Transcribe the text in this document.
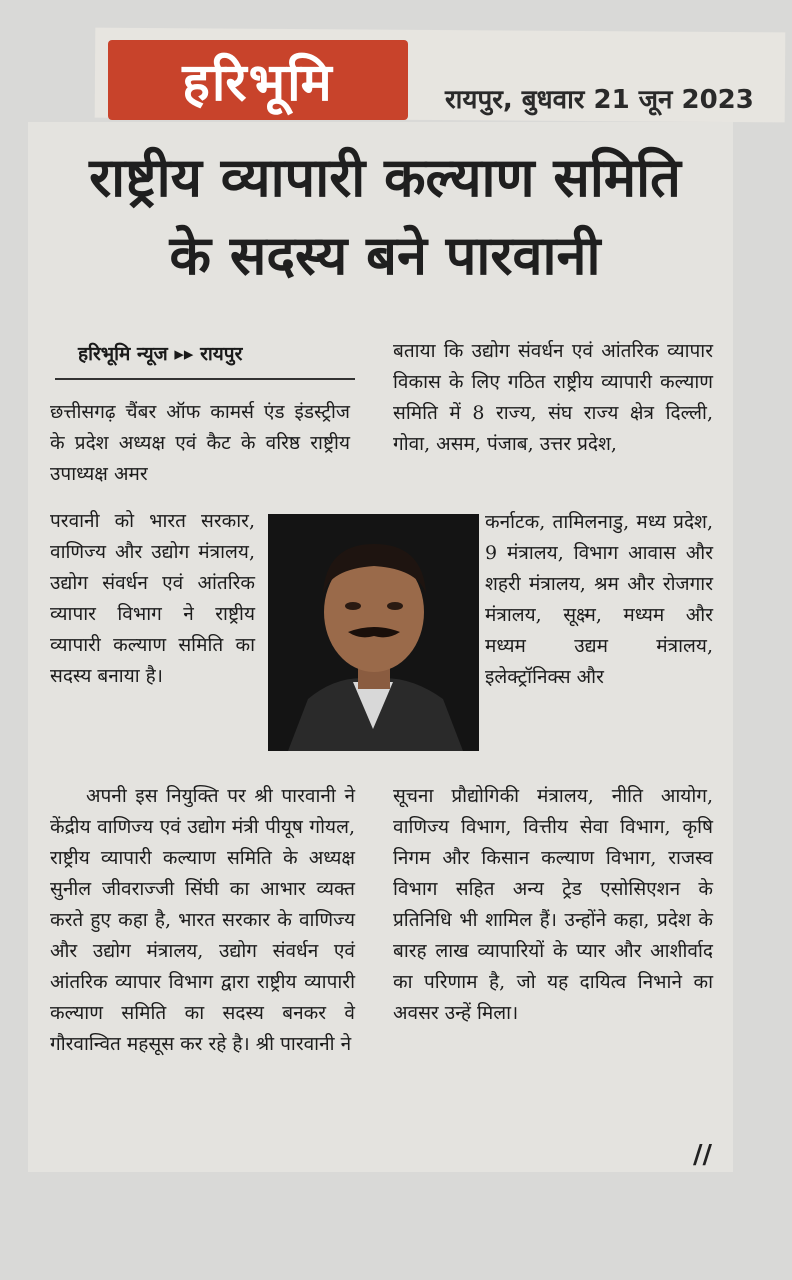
हरिभूमि	रायपुर, बुधवार 21 जून 2023
राष्ट्रीय व्यापारी कल्याण समिति
के सदस्य बने पारवानी
हरिभूमि न्यूज ▸▸ रायपुर

छत्तीसगढ़ चैंबर ऑफ कामर्स एंड इंडस्ट्रीज के प्रदेश अध्यक्ष एवं कैट के वरिष्ठ राष्ट्रीय उपाध्यक्ष अमर

परवानी को भारत सरकार, वाणिज्य और उद्योग मंत्रालय, उद्योग संवर्धन एवं आंतरिक व्यापार विभाग ने राष्ट्रीय व्यापारी कल्याण समिति का सदस्य बनाया है।

अपनी इस नियुक्ति पर श्री पारवानी ने केंद्रीय वाणिज्य एवं उद्योग मंत्री पीयूष गोयल, राष्ट्रीय व्यापारी कल्याण समिति के अध्यक्ष सुनील जीवराज्जी सिंघी का आभार व्यक्त करते हुए कहा है, भारत सरकार के वाणिज्य और उद्योग मंत्रालय, उद्योग संवर्धन एवं आंतरिक व्यापार विभाग द्वारा राष्ट्रीय व्यापारी कल्याण समिति का सदस्य बनकर वे गौरवान्वित महसूस कर रहे है। श्री पारवानी ने

बताया कि उद्योग संवर्धन एवं आंतरिक व्यापार विकास के लिए गठित राष्ट्रीय व्यापारी कल्याण समिति में 8 राज्य, संघ राज्य क्षेत्र दिल्ली, गोवा, असम, पंजाब, उत्तर प्रदेश,

कर्नाटक, तामिलनाडु, मध्य प्रदेश, 9 मंत्रालय, विभाग आवास और शहरी मंत्रालय, श्रम और रोजगार मंत्रालय, सूक्ष्म, मध्यम और मध्यम उद्यम मंत्रालय, इलेक्ट्रॉनिक्स और

सूचना प्रौद्योगिकी मंत्रालय, नीति आयोग, वाणिज्य विभाग, वित्तीय सेवा विभाग, कृषि निगम और किसान कल्याण विभाग, राजस्व विभाग सहित अन्य ट्रेड एसोसिएशन के प्रतिनिधि भी शामिल हैं। उन्होंने कहा, प्रदेश के बारह लाख व्यापारियों के प्यार और आशीर्वाद का परिणाम है, जो यह दायित्व निभाने का अवसर उन्हें मिला।

//
